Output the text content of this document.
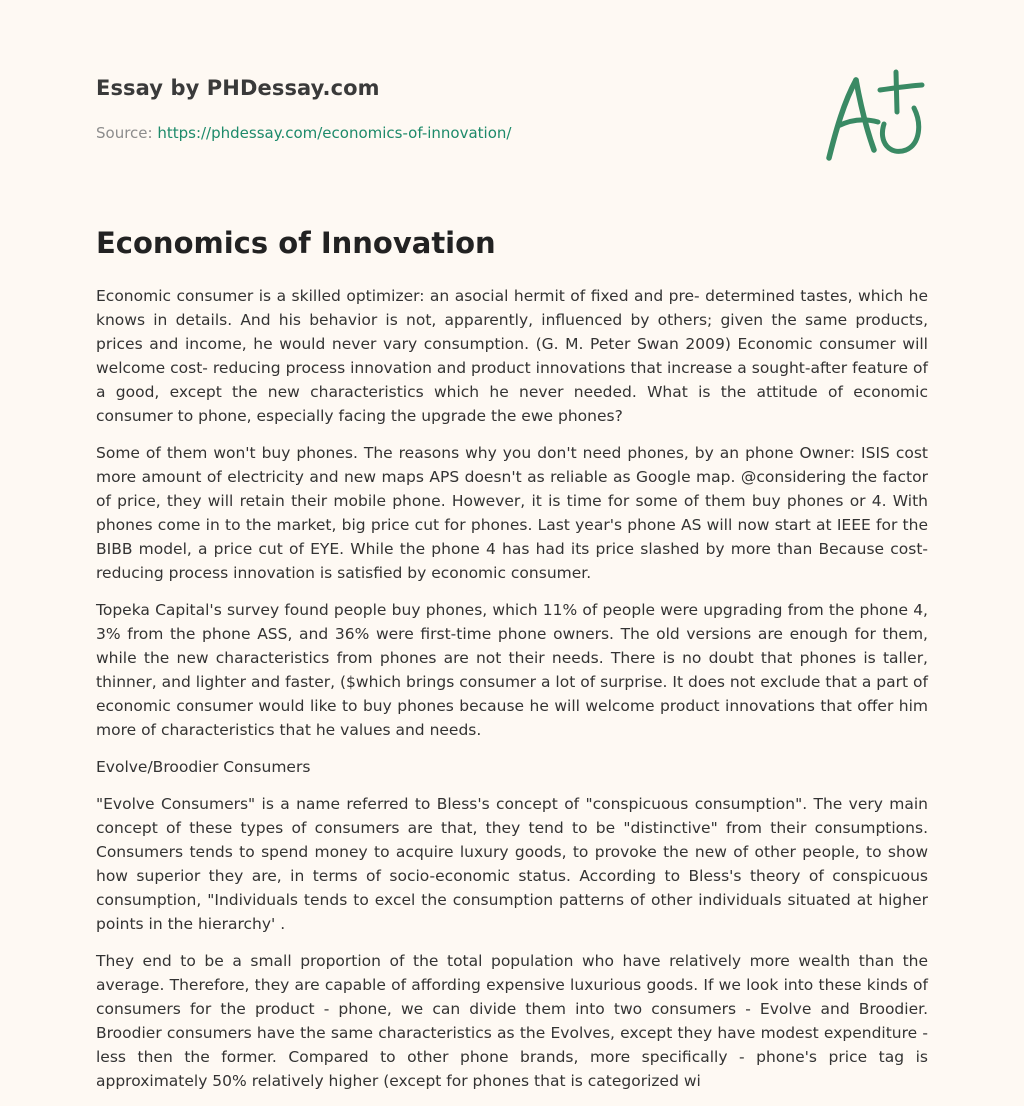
Essay by PHDessay.com
Source: https://phdessay.com/economics-of-innovation/
Economics of Innovation

Economic consumer is a skilled optimizer: an asocial hermit of fixed and pre- determined tastes, which he knows in details. And his behavior is not, apparently, influenced by others; given the same products, prices and income, he would never vary consumption. (G. M. Peter Swan 2009) Economic consumer will welcome cost- reducing process innovation and product innovations that increase a sought-after feature of a good, except the new characteristics which he never needed. What is the attitude of economic consumer to phone, especially facing the upgrade the ewe phones?

Some of them won't buy phones. The reasons why you don't need phones, by an phone Owner: ISIS cost more amount of electricity and new maps APS doesn't as reliable as Google map. @considering the factor of price, they will retain their mobile phone. However, it is time for some of them buy phones or 4. With phones come in to the market, big price cut for phones. Last year's phone AS will now start at IEEE for the BIBB model, a price cut of EYE. While the phone 4 has had its price slashed by more than Because cost-reducing process innovation is satisfied by economic consumer.

Topeka Capital's survey found people buy phones, which 11% of people were upgrading from the phone 4, 3% from the phone ASS, and 36% were first-time phone owners. The old versions are enough for them, while the new characteristics from phones are not their needs. There is no doubt that phones is taller, thinner, and lighter and faster, ($which brings consumer a lot of surprise. It does not exclude that a part of economic consumer would like to buy phones because he will welcome product innovations that offer him more of characteristics that he values and needs.

Evolve/Broodier Consumers

"Evolve Consumers" is a name referred to Bless's concept of "conspicuous consumption". The very main concept of these types of consumers are that, they tend to be "distinctive" from their consumptions. Consumers tends to spend money to acquire luxury goods, to provoke the new of other people, to show how superior they are, in terms of socio-economic status. According to Bless's theory of conspicuous consumption, "Individuals tends to excel the consumption patterns of other individuals situated at higher points in the hierarchy' .

They end to be a small proportion of the total population who have relatively more wealth than the average. Therefore, they are capable of affording expensive luxurious goods. If we look into these kinds of consumers for the product - phone, we can divide them into two consumers - Evolve and Broodier. Broodier consumers have the same characteristics as the Evolves, except they have modest expenditure - less then the former. Compared to other phone brands, more specifically - phone's price tag is approximately 50% relatively higher (except for phones that is categorized wi
